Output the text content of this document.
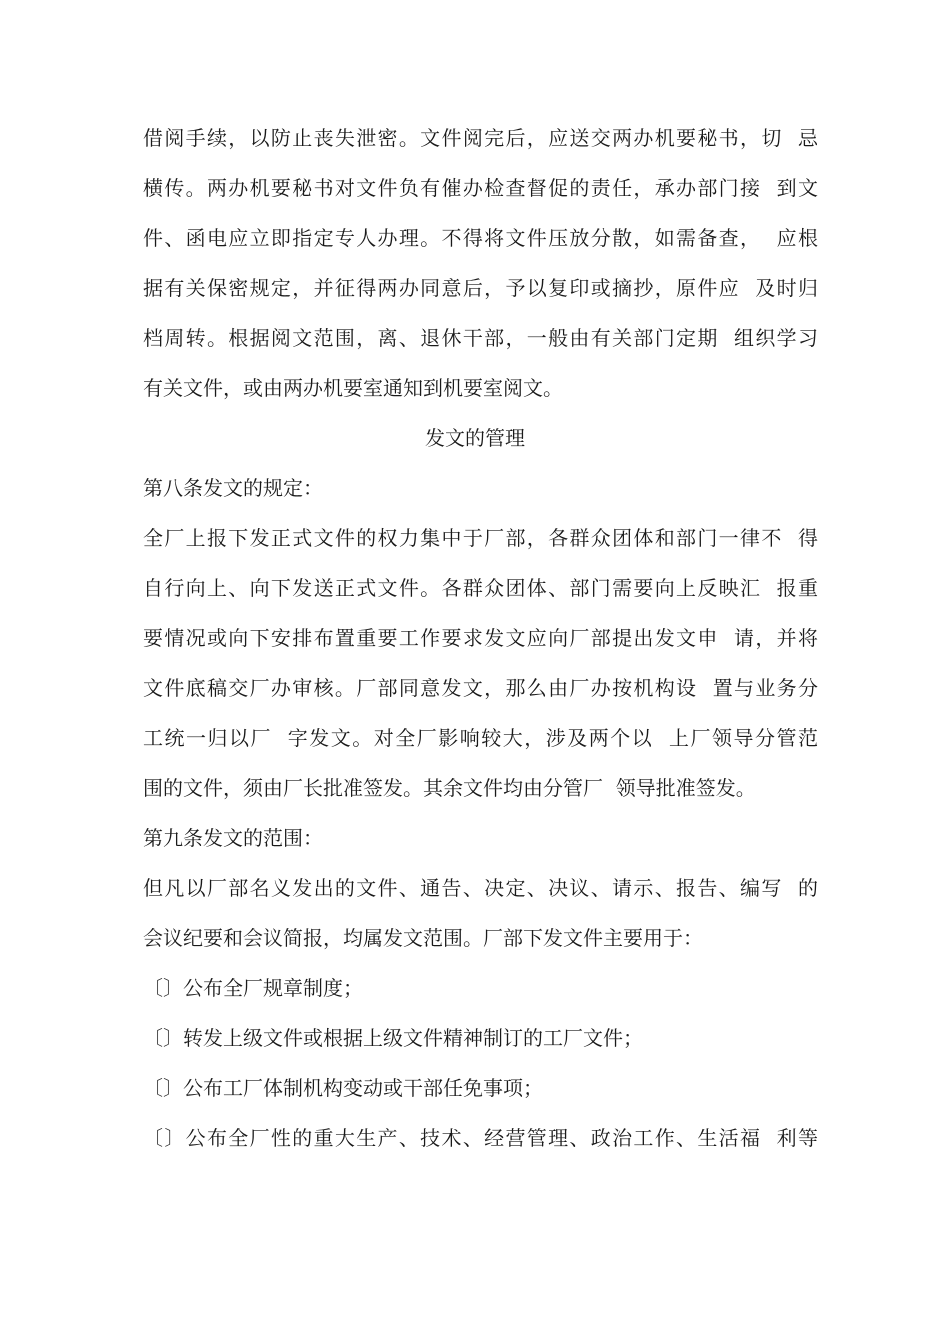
借阅手续，以防止丧失泄密。文件阅完后，应送交两办机要秘书，切  忌
横传。两办机要秘书对文件负有催办检查督促的责任，承办部门接  到文
件、函电应立即指定专人办理。不得将文件压放分散，如需备查，  应根
据有关保密规定，并征得两办同意后，予以复印或摘抄，原件应  及时归
档周转。根据阅文范围，离、退休干部，一般由有关部门定期  组织学习
有关文件，或由两办机要室通知到机要室阅文。
发文的管理
第八条发文的规定：
全厂上报下发正式文件的权力集中于厂部，各群众团体和部门一律不  得
自行向上、向下发送正式文件。各群众团体、部门需要向上反映汇  报重
要情况或向下安排布置重要工作要求发文应向厂部提出发文申  请，并将
文件底稿交厂办审核。厂部同意发文，那么由厂办按机构设  置与业务分
工统一归以厂  字发文。对全厂影响较大，涉及两个以  上厂领导分管范
围的文件，须由厂长批准签发。其余文件均由分管厂  领导批准签发。
第九条发文的范围：
但凡以厂部名义发出的文件、通告、决定、决议、请示、报告、编写  的
会议纪要和会议简报，均属发文范围。厂部下发文件主要用于：
〔〕公布全厂规章制度；
〔〕转发上级文件或根据上级文件精神制订的工厂文件；
〔〕公布工厂体制机构变动或干部任免事项；
〔〕公布全厂性的重大生产、技术、经营管理、政治工作、生活福  利等
